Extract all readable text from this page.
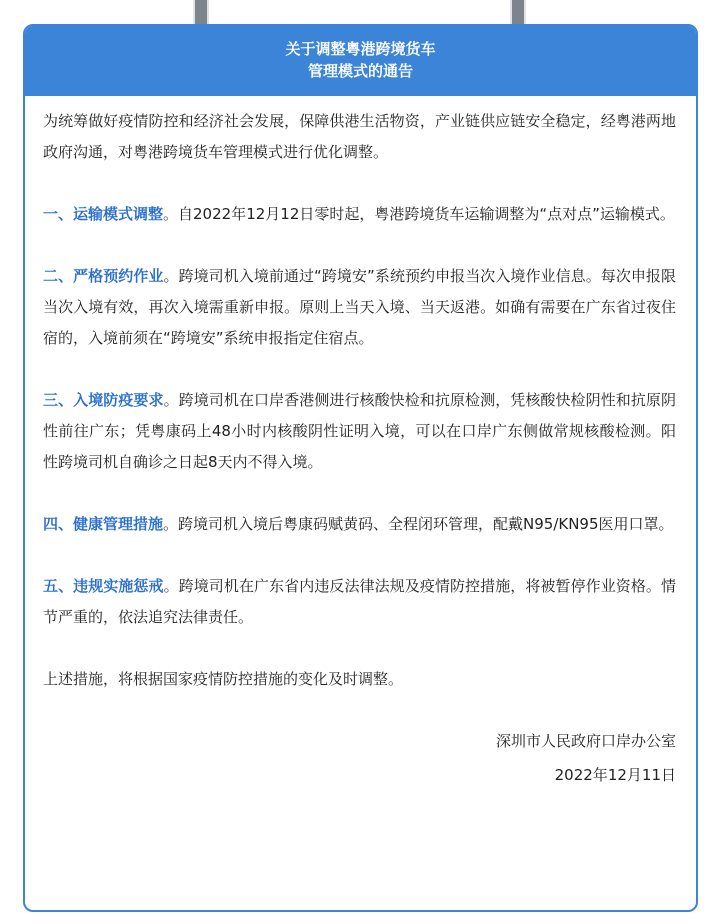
关于调整粤港跨境货车
管理模式的通告

为统筹做好疫情防控和经济社会发展，保障供港生活物资，产业链供应链安全稳定，经粤港两地政府沟通，对粤港跨境货车管理模式进行优化调整。

一、运输模式调整。自2022年12月12日零时起，粤港跨境货车运输调整为“点对点”运输模式。

二、严格预约作业。跨境司机入境前通过“跨境安”系统预约申报当次入境作业信息。每次申报限当次入境有效，再次入境需重新申报。原则上当天入境、当天返港。如确有需要在广东省过夜住宿的，入境前须在“跨境安”系统申报指定住宿点。

三、入境防疫要求。跨境司机在口岸香港侧进行核酸快检和抗原检测，凭核酸快检阴性和抗原阴性前往广东；凭粤康码上48小时内核酸阴性证明入境，可以在口岸广东侧做常规核酸检测。阳性跨境司机自确诊之日起8天内不得入境。

四、健康管理措施。跨境司机入境后粤康码赋黄码、全程闭环管理，配戴N95/KN95医用口罩。

五、违规实施惩戒。跨境司机在广东省内违反法律法规及疫情防控措施，将被暂停作业资格。情节严重的，依法追究法律责任。

上述措施，将根据国家疫情防控措施的变化及时调整。

深圳市人民政府口岸办公室
2022年12月11日
